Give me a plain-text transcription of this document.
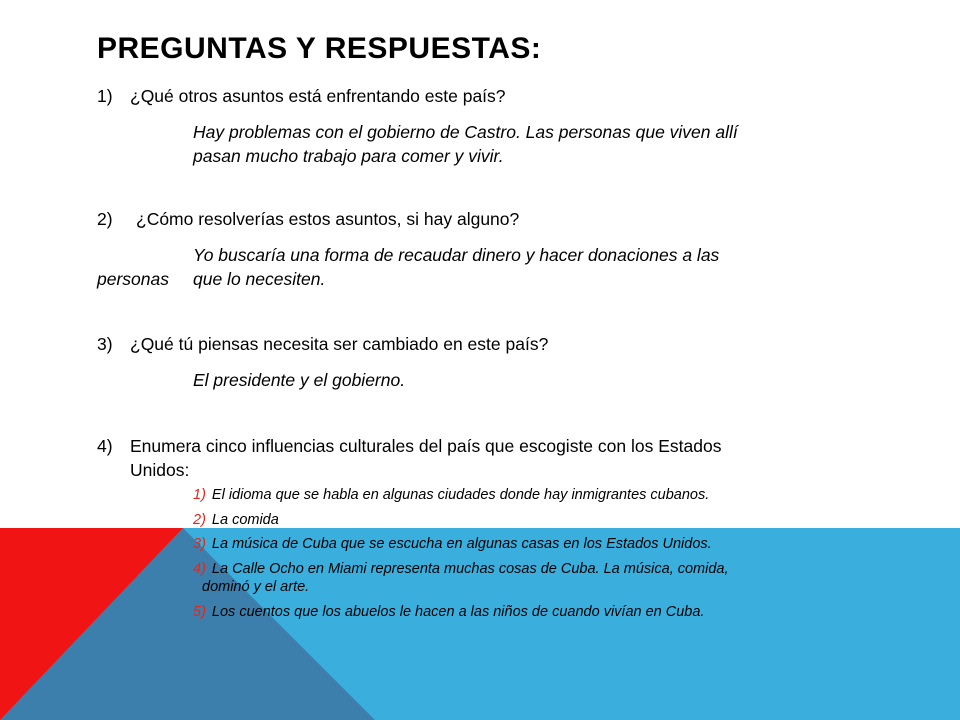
PREGUNTAS Y RESPUESTAS:
1) ¿Qué otros asuntos está enfrentando este país?
Hay problemas con el gobierno de Castro. Las personas que viven allí
pasan mucho trabajo para comer y vivir.
2) ¿Cómo resolverías estos asuntos, si hay alguno?
Yo buscaría una forma de recaudar dinero y hacer donaciones a las
personas que lo necesiten.
3) ¿Qué tú piensas necesita ser cambiado en este país?
El presidente y el gobierno.
4) Enumera cinco influencias culturales del país que escogiste con los Estados
Unidos:
1) El idioma que se habla en algunas ciudades donde hay inmigrantes cubanos.
2) La comida
3) La música de Cuba que se escucha en algunas casas en los Estados Unidos.
4) La Calle Ocho en Miami representa muchas cosas de Cuba. La música, comida,
dominó y el arte.
5) Los cuentos que los abuelos le hacen a las niños de cuando vivían en Cuba.
